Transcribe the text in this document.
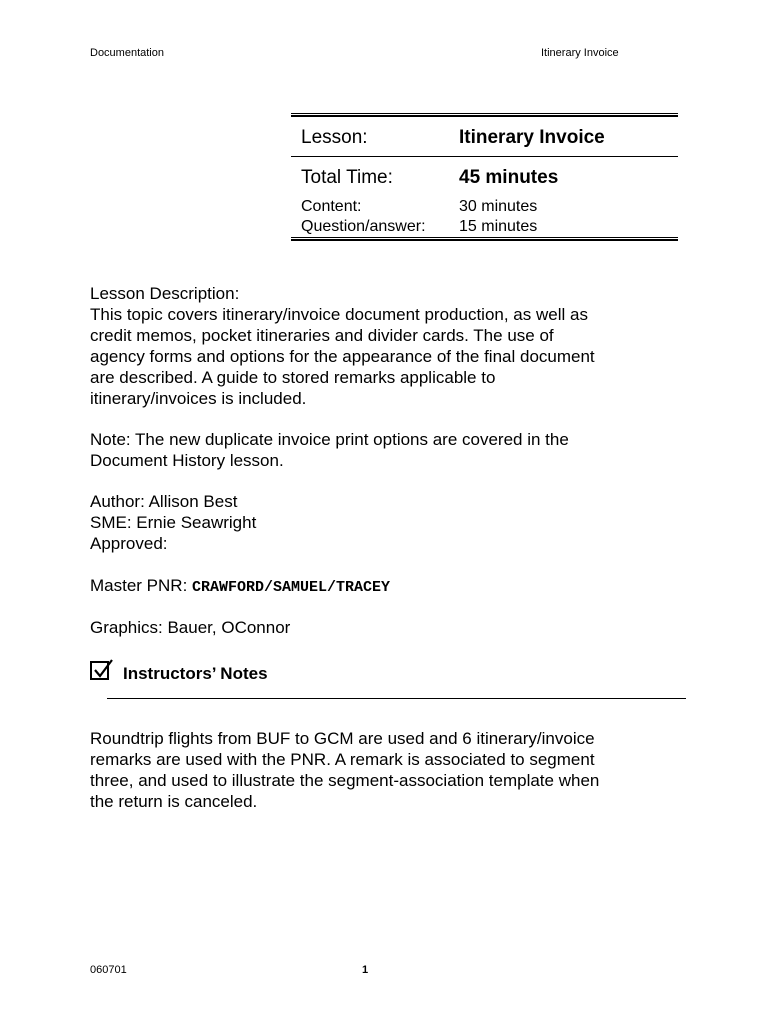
Documentation	Itinerary Invoice
Lesson:	Itinerary Invoice
Total Time:	45 minutes
Content:	30 minutes
Question/answer: 15 minutes
Lesson Description:
This topic covers itinerary/invoice document production, as well as
credit memos, pocket itineraries and divider cards. The use of
agency forms and options for the appearance of the final document
are described. A guide to stored remarks applicable to
itinerary/invoices is included.
Note: The new duplicate invoice print options are covered in the
Document History lesson.
Author: Allison Best
SME: Ernie Seawright
Approved:
Master PNR: CRAWFORD/SAMUEL/TRACEY
Graphics: Bauer, OConnor
Instructors’ Notes
Roundtrip flights from BUF to GCM are used and 6 itinerary/invoice
remarks are used with the PNR. A remark is associated to segment
three, and used to illustrate the segment-association template when
the return is canceled.
060701	1
